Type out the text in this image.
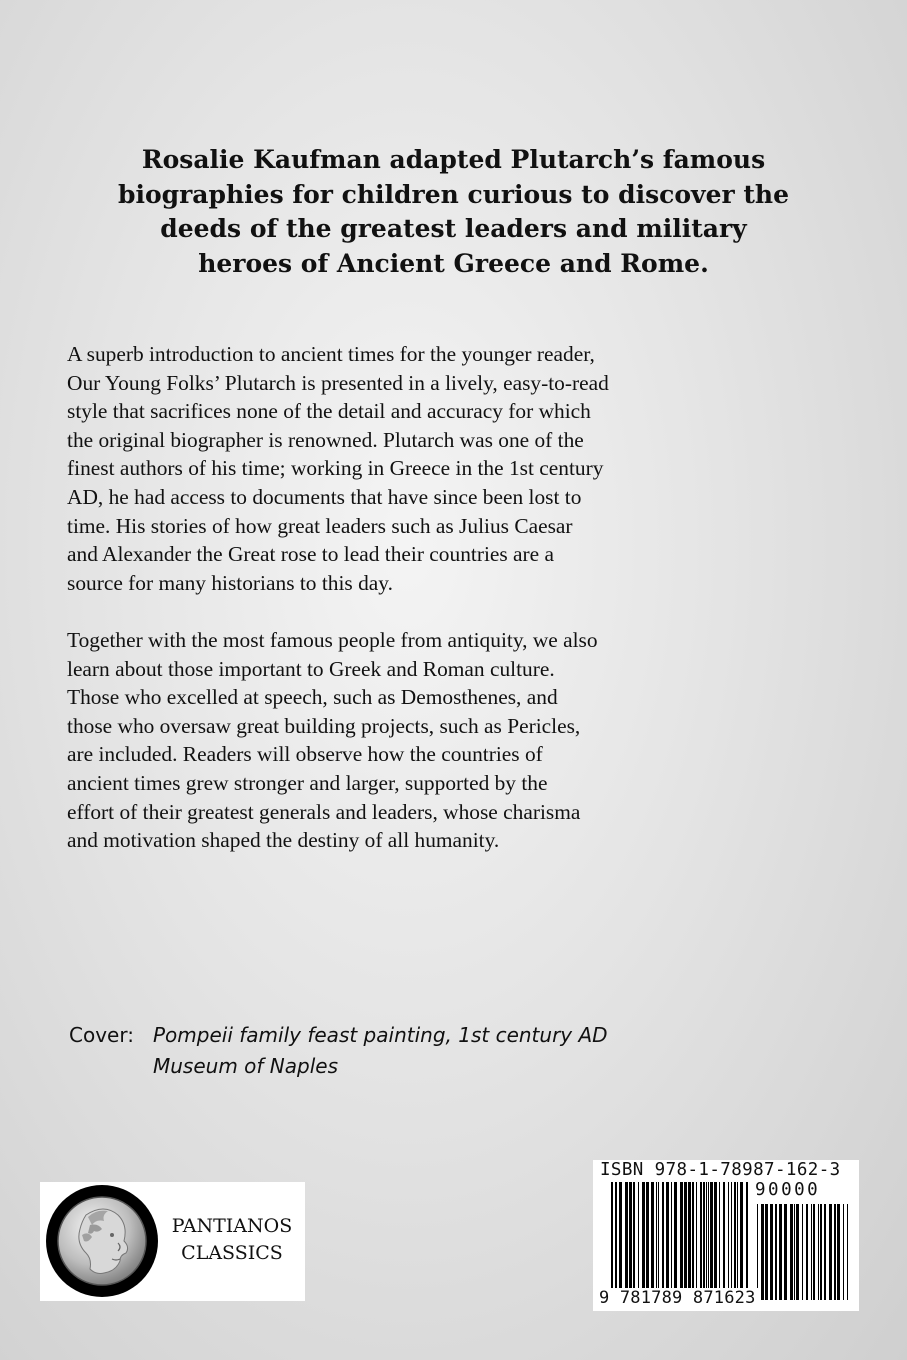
Rosalie Kaufman adapted Plutarch’s famous
biographies for children curious to discover the
deeds of the greatest leaders and military
heroes of Ancient Greece and Rome.
A superb introduction to ancient times for the younger reader,
Our Young Folks’ Plutarch is presented in a lively, easy-to-read
style that sacrifices none of the detail and accuracy for which
the original biographer is renowned. Plutarch was one of the
finest authors of his time; working in Greece in the 1st century
AD, he had access to documents that have since been lost to
time. His stories of how great leaders such as Julius Caesar
and Alexander the Great rose to lead their countries are a
source for many historians to this day.
Together with the most famous people from antiquity, we also
learn about those important to Greek and Roman culture.
Those who excelled at speech, such as Demosthenes, and
those who oversaw great building projects, such as Pericles,
are included. Readers will observe how the countries of
ancient times grew stronger and larger, supported by the
effort of their greatest generals and leaders, whose charisma
and motivation shaped the destiny of all humanity.
Cover: Pompeii family feast painting, 1st century AD
Museum of Naples
PANTIANOS
CLASSICS
ISBN 978-1-78987-162-3
90000
9 781789 871623
